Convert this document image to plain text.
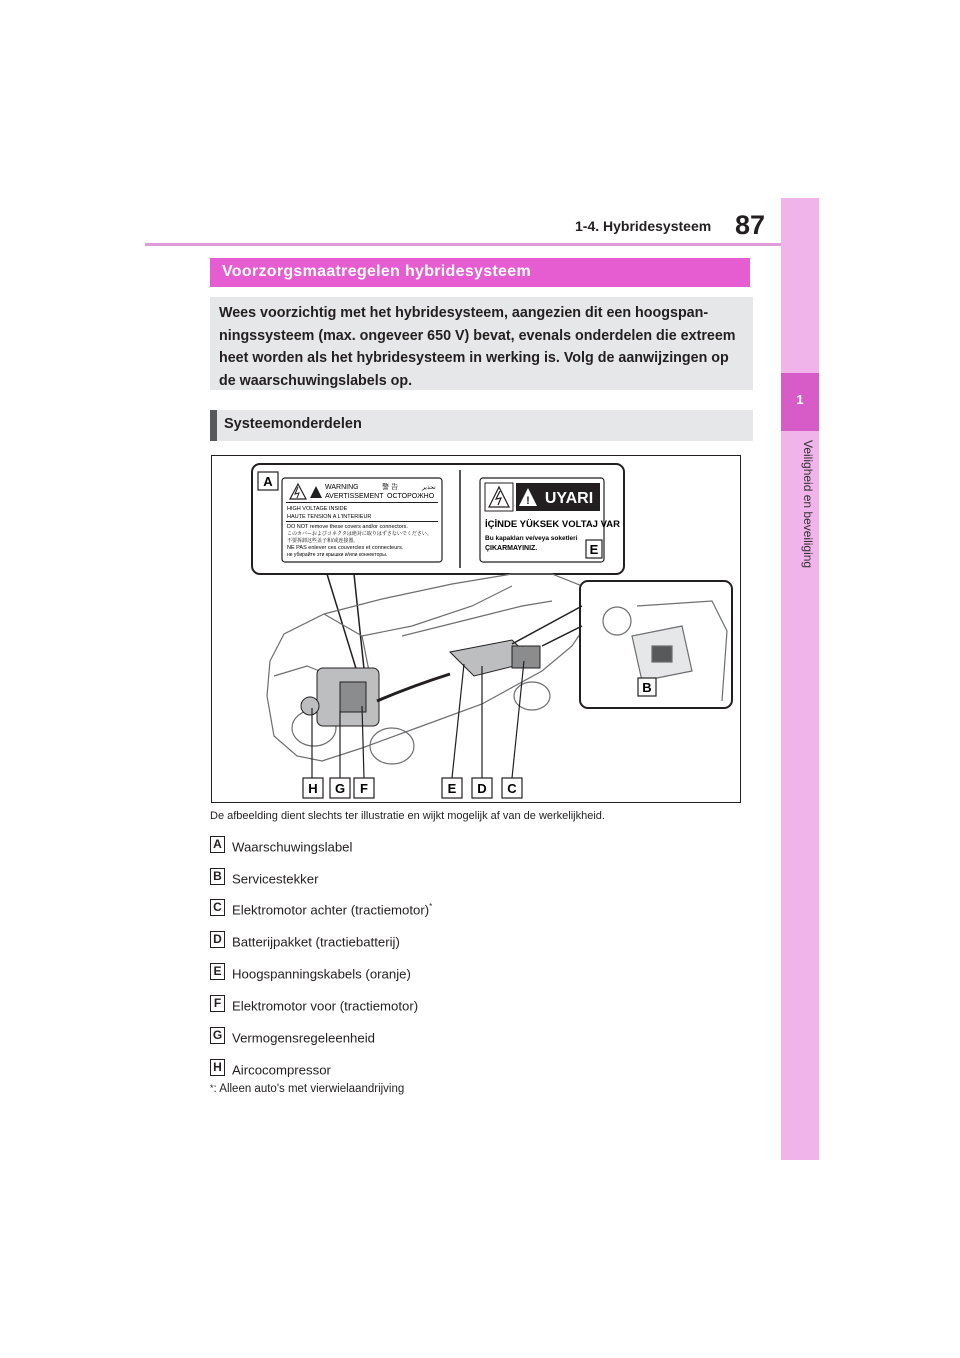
1-4. Hybridesysteem 87
1
Veiligheid en beveiliging
Voorzorgsmaatregelen hybridesysteem

Wees voorzichtig met het hybridesysteem, aangezien dit een hoogspanningssysteem (max. ongeveer 650 V) bevat, evenals onderdelen die extreem heet worden als het hybridesysteem in werking is. Volg de aanwijzingen op de waarschuwingslabels op.

Systeemonderdelen
A	WARNING	警 告	تحذير
AVERTISSEMENT OCTOPOЖHO
HIGH VOLTAGE INSIDE
HAUTE TENSION A L'INTERIEUR
DO NOT remove these covers and/or connectors.
このカバーおよびコネクタは絶対に取りはずさないでください。
不要拆卸这些盖子和/或连接器。
NE PAS enlever ces couvercles et connecteurs.
не убирайте эти крышки и/или коннекторы.
! UYARI
İÇİNDE YÜKSEK VOLTAJ VAR
Bu kapakları ve/veya soketleri
ÇIKARMAYINIZ.	E
B
H G F	E D C
De afbeelding dient slechts ter illustratie en wijkt mogelijk af van de werkelijkheid.
A Waarschuwingslabel
B Servicestekker
C Elektromotor achter (tractiemotor)*
D Batterijpakket (tractiebatterij)
E Hoogspanningskabels (oranje)
F Elektromotor voor (tractiemotor)
G Vermogensregeleenheid
H Aircocompressor
*: Alleen auto's met vierwielaandrijving
